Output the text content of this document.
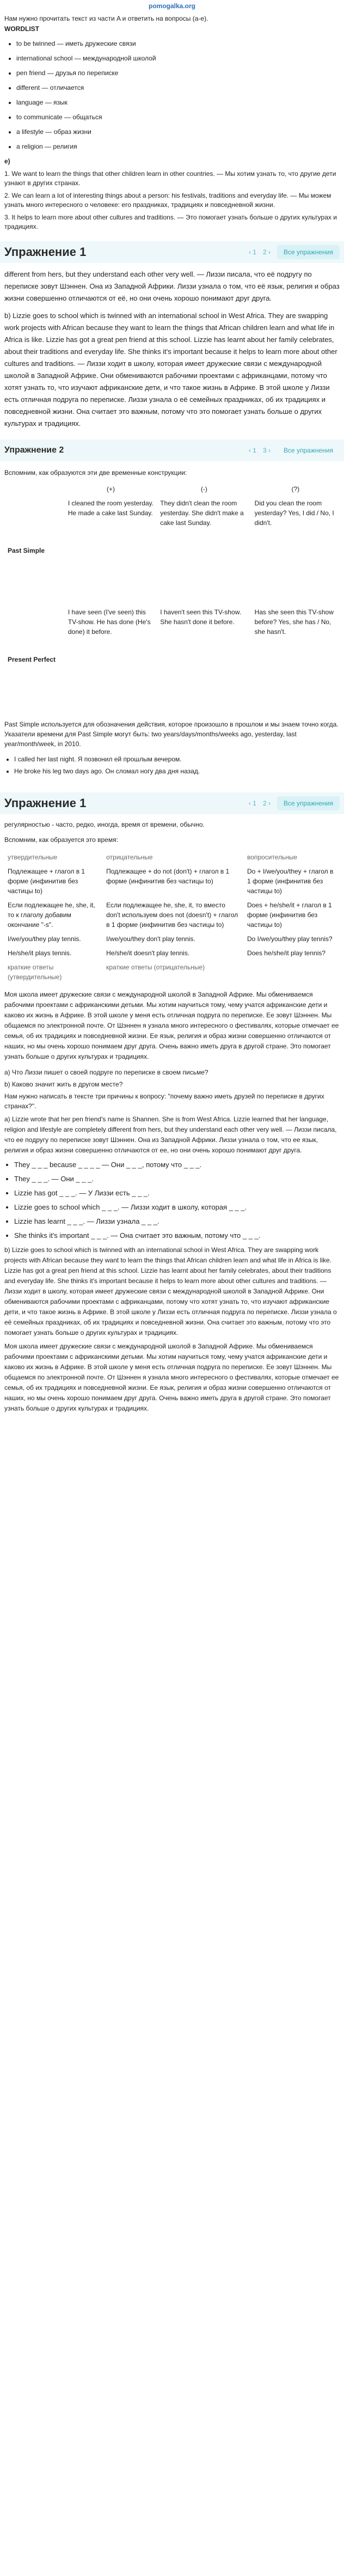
pomogalka.org
Нам нужно прочитать текст из части A и ответить на вопросы (a-e).
WORDLIST
• to be twinned — иметь дружеские связи
• international school — международной школой
• pen friend — друзья по переписке
• different — отличается
• language — язык
• to communicate — общаться
• a lifestyle — образ жизни
• a religion — религия
e)

1. We want to learn the things that other children learn in other countries. — Мы хотим узнать то, что другие дети узнают в других странах.

2. We can learn a lot of interesting things about a person: his festivals, traditions and everyday life. — Мы можем узнать много интересного о человеке: его праздниках, традициях и повседневной жизни.

3. It helps to learn more about other cultures and traditions. — Это помогает узнать больше о других культурах и традициях.

Упражнение 1	‹ 1 2 ›	Все упражнения

different from hers, but they understand each other very well. — Лиззи писала, что её подругу по переписке зовут Шэннен. Она из Западной Африки. Лиззи узнала о том, что её язык, религия и образ жизни совершенно отличаются от её, но они очень хорошо понимают друг друга.

b) Lizzie goes to school which is twinned with an international school in West Africa. They are swapping work projects with African because they want to learn the things that African children learn and what life in Africa is like. Lizzie has got a great pen friend at this school. Lizzie has learnt about her family celebrates, about their traditions and everyday life. She thinks it's important because it helps to learn more about other cultures and traditions. — Лиззи ходит в школу, которая имеет дружеские связи с международной школой в Западной Африке. Они обмениваются рабочими проектами с африканцами, потому что хотят узнать то, что изучают африканские дети, и что такое жизнь в Африке. В этой школе у Лиззи есть отличная подруга по переписке. Лиззи узнала о её семейных праздниках, об их традициях и повседневной жизни. Она считает это важным, потому что это помогает узнать больше о других культурах и традициях.

Упражнение 2	‹ 1 3 ›	Все упражнения

Вспомним, как образуются эти две временные конструкции:

	(+)	(-)	(?)
Past Simple	I cleaned the room yesterday. He made a cake last Sunday.	They didn't clean the room yesterday. She didn't make a cake last Sunday.	Did you clean the room yesterday? Yes, I did / No, I didn't.
Present Perfect	I have seen (I've seen) this TV-show. He has done (He's done) it before.	I haven't seen this TV-show. She hasn't done it before.	Has she seen this TV-show before? Yes, she has / No, she hasn't.

Past Simple используется для обозначения действия, которое произошло в прошлом и мы знаем точно когда. Указатели времени для Past Simple могут быть: two years/days/months/weeks ago, yesterday, last year/month/week, in 2010.

• I called her last night. Я позвонил ей прошлым вечером.
• He broke his leg two days ago. Он сломал ногу два дня назад.
Упражнение 1	‹ 1 2 ›	Все упражнения

регулярностью - часто, редко, иногда, время от времени, обычно.

Вспомним, как образуется это время:

утвердительные	отрицательные	вопросительные
Подлежащее + глагол в 1 форме (инфинитив без частицы to)	Подлежащее + do not (don't) + глагол в 1 форме (инфинитив без частицы to)	Do + I/we/you/they + глагол в 1 форме (инфинитив без частицы to)
Если подлежащее he, she, it, то к глаголу добавим окончание "-s".	Если подлежащее he, she, it, то вместо don't используем does not (doesn't) + глагол в 1 форме (инфинитив без частицы to)	Does + he/she/it + глагол в 1 форме (инфинитив без частицы to)
I/we/you/they play tennis.	I/we/you/they don't play tennis.	Do I/we/you/they play tennis?
He/she/it plays tennis.	He/she/it doesn't play tennis.	Does he/she/it play tennis?
краткие ответы (утвердительные)	краткие ответы (отрицательные)	

Моя школа имеет дружеские связи с международной школой в Западной Африке. Мы обмениваемся рабочими проектами с африканскими детьми. Мы хотим научиться тому, чему учатся африканские дети и каково их жизнь в Африке. В этой школе у меня есть отличная подруга по переписке. Ее зовут Шэннен. Мы общаемся по электронной почте. От Шэннен я узнала много интересного о фестивалях, которые отмечает ее семья, об их традициях и повседневной жизни. Ее язык, религия и образ жизни совершенно отличаются от наших, но мы очень хорошо понимаем друг друга. Очень важно иметь друга в другой стране. Это помогает узнать больше о других культурах и традициях.

a) Что Лиззи пишет о своей подруге по переписке в своем письме?

b) Каково значит жить в другом месте?

Нам нужно написать в тексте три причины к вопросу: "почему важно иметь друзей по переписке в других странах?".

a) Lizzie wrote that her pen friend's name is Shannen. She is from West Africa. Lizzie learned that her language, religion and lifestyle are completely different from hers, but they understand each other very well. — Лиззи писала, что ее подругу по переписке зовут Шэннен. Она из Западной Африки. Лиззи узнала о том, что ее язык, религия и образ жизни совершенно отличаются от ее, но они очень хорошо понимают друг друга.

• They _ _ _ because _ _ _ _ — Они _ _ _, потому что _ _ _.
• They _ _ _. — Они _ _ _.
• Lizzie has got _ _ _. — У Лиззи есть _ _ _.
• Lizzie goes to school which _ _ _. — Лиззи ходит в школу, которая _ _ _.
• Lizzie has learnt _ _ _. — Лиззи узнала _ _ _.
• She thinks it's important _ _ _. — Она считает это важным, потому что _ _ _.

b) Lizzie goes to school which is twinned with an international school in West Africa. They are swapping work projects with African because they want to learn the things that African children learn and what life in Africa is like. Lizzie has got a great pen friend at this school. Lizzie has learnt about her family celebrates, about their traditions and everyday life. She thinks it's important because it helps to learn more about other cultures and traditions. — Лиззи ходит в школу, которая имеет дружеские связи с международной школой в Западной Африке. Они обмениваются рабочими проектами с африканцами, потому что хотят узнать то, что изучают африканские дети, и что такое жизнь в Африке. В этой школе у Лиззи есть отличная подруга по переписке. Лиззи узнала о её семейных праздниках, об их традициях и повседневной жизни. Она считает это важным, потому что это помогает узнать больше о других культурах и традициях.

Моя школа имеет дружеские связи с международной школой в Западной Африке. Мы обмениваемся рабочими проектами с африканскими детьми. Мы хотим научиться тому, чему учатся африканские дети и каково их жизнь в Африке. В этой школе у меня есть отличная подруга по переписке. Ее зовут Шэннен. Мы общаемся по электронной почте. От Шэннен я узнала много интересного о фестивалях, которые отмечает ее семья, об их традициях и повседневной жизни. Ее язык, религия и образ жизни совершенно отличаются от наших, но мы очень хорошо понимаем друг друга. Очень важно иметь друга в другой стране. Это помогает узнать больше о других культурах и традициях.
